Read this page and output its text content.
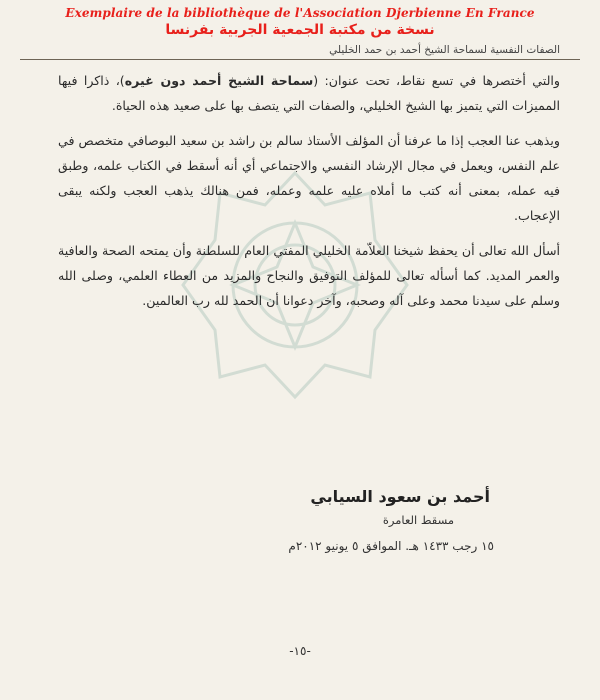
Exemplaire de la bibliothèque de l'Association Djerbienne En France
نسخة من مكتبة الجمعية الجربية بفرنسا
الصفات النفسية لسماحة الشيخ أحمد بن حمد الخليلي

والتي أختصرها في تسع نقاط، تحت عنوان: (سماحة الشيخ أحمد دون غيره)، ذاكرا فيها المميزات التي يتميز بها الشيخ الخليلي، والصفات التي يتصف بها على صعيد هذه الحياة.

ويذهب عنا العجب إذا ما عرفنا أن المؤلف الأستاذ سالم بن راشد بن سعيد البوصافي متخصص في علم النفس، ويعمل في مجال الإرشاد النفسي والاجتماعي أي أنه أسقط في الكتاب علمه، وطبق فيه عمله، بمعنى أنه كتب ما أملاه عليه علمه وعمله، فمن هنالك يذهب العجب ولكنه يبقى الإعجاب.

أسأل الله تعالى أن يحفظ شيخنا العلاّمة الخليلي المفتي العام للسلطنة وأن يمتحه الصحة والعافية والعمر المديد. كما أسأله تعالى للمؤلف التوفيق والنجاح والمزيد من العطاء العلمي، وصلى الله وسلم على سيدنا محمد وعلى آله وصحبه، وآخر دعوانا أن الحمد لله رب العالمين.

أحمد بن سعود السيابي
مسقط العامرة
١٥ رجب ١٤٣٣ هـ. الموافق ٥ يونيو ٢٠١٢م
-١٥-
